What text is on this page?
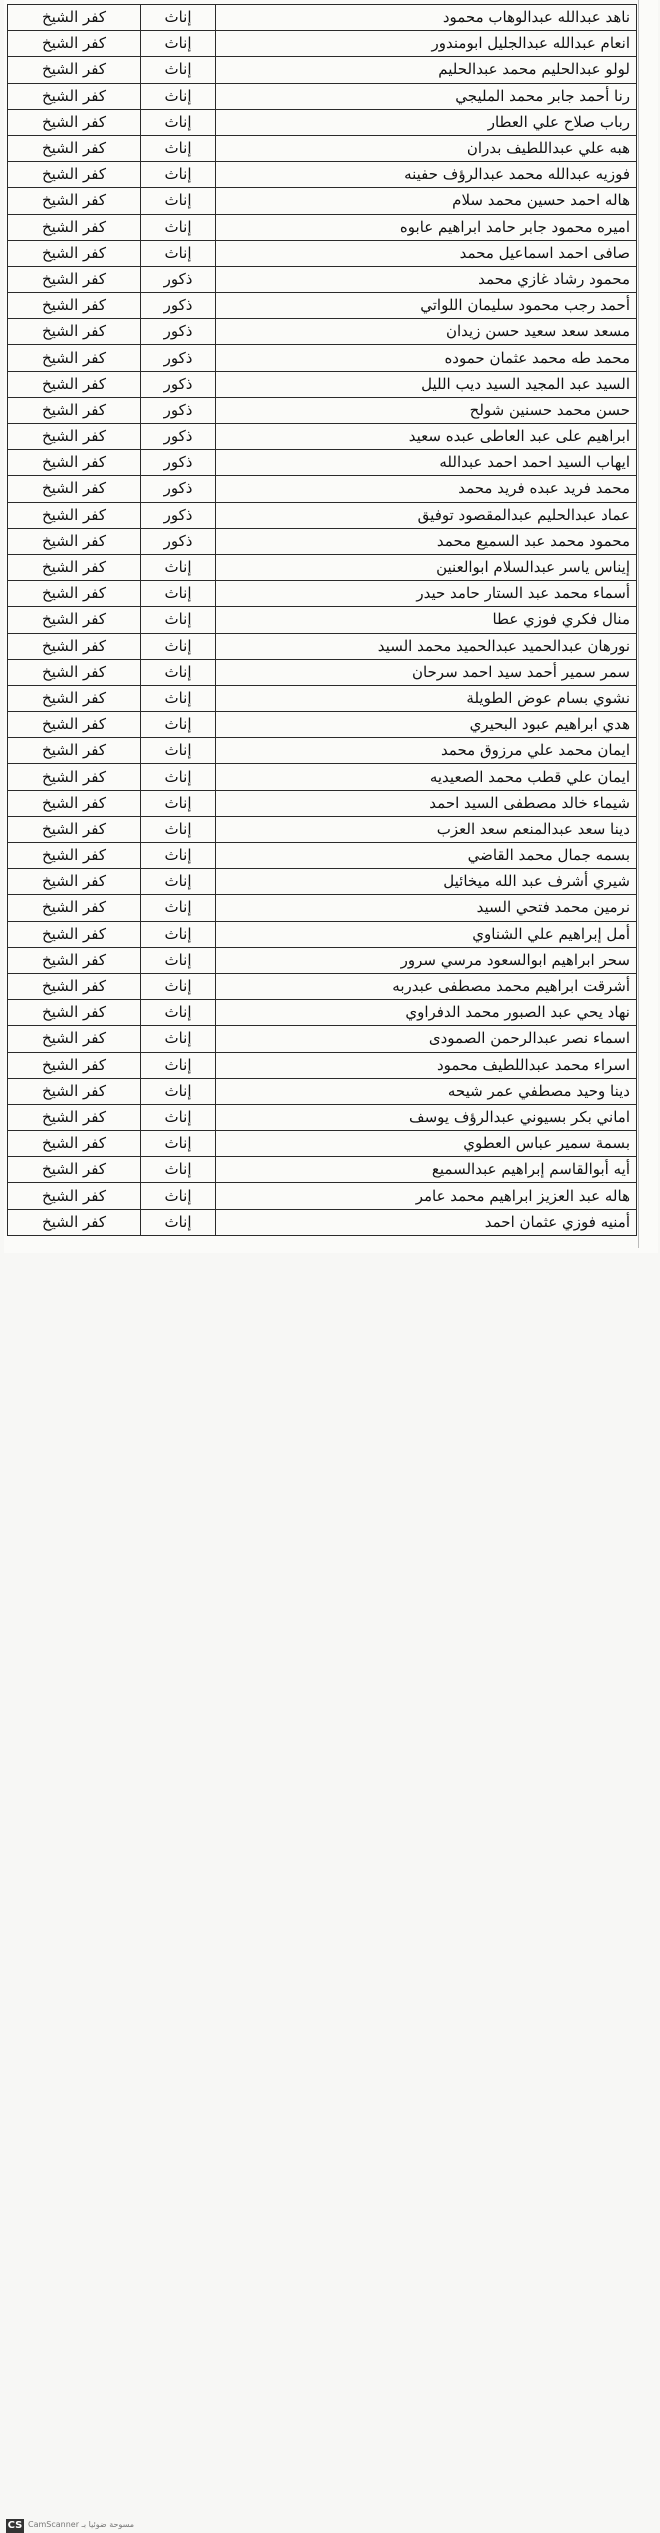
ناهد عبدالله عبدالوهاب محمود	إناث	كفر الشيخ
انعام عبدالله عبدالجليل ابومندور	إناث	كفر الشيخ
لولو عبدالحليم محمد عبدالحليم	إناث	كفر الشيخ
رنا أحمد جابر محمد المليجي	إناث	كفر الشيخ
رباب صلاح علي العطار	إناث	كفر الشيخ
هبه علي عبداللطيف بدران	إناث	كفر الشيخ
فوزيه عبدالله محمد عبدالرؤف حفينه	إناث	كفر الشيخ
هاله احمد حسين محمد سلام	إناث	كفر الشيخ
اميره محمود جابر حامد ابراهيم عابوه	إناث	كفر الشيخ
صافى احمد اسماعيل محمد	إناث	كفر الشيخ
محمود رشاد غازي محمد	ذكور	كفر الشيخ
أحمد رجب محمود سليمان اللواتي	ذكور	كفر الشيخ
مسعد سعد سعيد حسن زيدان	ذكور	كفر الشيخ
محمد طه محمد عثمان حموده	ذكور	كفر الشيخ
السيد عبد المجيد السيد ديب الليل	ذكور	كفر الشيخ
حسن محمد حسنين شولح	ذكور	كفر الشيخ
ابراهيم على عبد العاطى عبده سعيد	ذكور	كفر الشيخ
ايهاب السيد احمد احمد عبدالله	ذكور	كفر الشيخ
محمد فريد عبده فريد محمد	ذكور	كفر الشيخ
عماد عبدالحليم عبدالمقصود توفيق	ذكور	كفر الشيخ
محمود محمد عبد السميع محمد	ذكور	كفر الشيخ
إيناس ياسر عبدالسلام ابوالعنين	إناث	كفر الشيخ
أسماء محمد عبد الستار حامد حيدر	إناث	كفر الشيخ
منال فكري فوزي عطا	إناث	كفر الشيخ
نورهان عبدالحميد عبدالحميد محمد السيد	إناث	كفر الشيخ
سمر سمير أحمد سيد احمد سرحان	إناث	كفر الشيخ
نشوي بسام عوض الطويلة	إناث	كفر الشيخ
هدي ابراهيم عبود البحيري	إناث	كفر الشيخ
ايمان محمد علي مرزوق محمد	إناث	كفر الشيخ
ايمان علي قطب محمد الصعيديه	إناث	كفر الشيخ
شيماء خالد مصطفى السيد احمد	إناث	كفر الشيخ
دينا سعد عبدالمنعم سعد العزب	إناث	كفر الشيخ
بسمه جمال محمد القاضي	إناث	كفر الشيخ
شيري أشرف عبد الله ميخائيل	إناث	كفر الشيخ
نرمين محمد فتحي السيد	إناث	كفر الشيخ
أمل إبراهيم علي الشناوي	إناث	كفر الشيخ
سحر ابراهيم ابوالسعود مرسي سرور	إناث	كفر الشيخ
أشرقت ابراهيم محمد مصطفى عبدربه	إناث	كفر الشيخ
نهاد يحي عبد الصبور محمد الدفراوي	إناث	كفر الشيخ
اسماء نصر عبدالرحمن الصمودى	إناث	كفر الشيخ
اسراء محمد عبداللطيف محمود	إناث	كفر الشيخ
دينا وحيد مصطفي عمر شيحه	إناث	كفر الشيخ
اماني بكر بسيوني عبدالرؤف يوسف	إناث	كفر الشيخ
بسمة سمير عباس العطوي	إناث	كفر الشيخ
أيه أبوالقاسم إبراهيم عبدالسميع	إناث	كفر الشيخ
هاله عبد العزيز ابراهيم محمد عامر	إناث	كفر الشيخ
أمنيه فوزي عثمان احمد	إناث	كفر الشيخ
CS CamScanner مسوحة ضوئيا بـ
